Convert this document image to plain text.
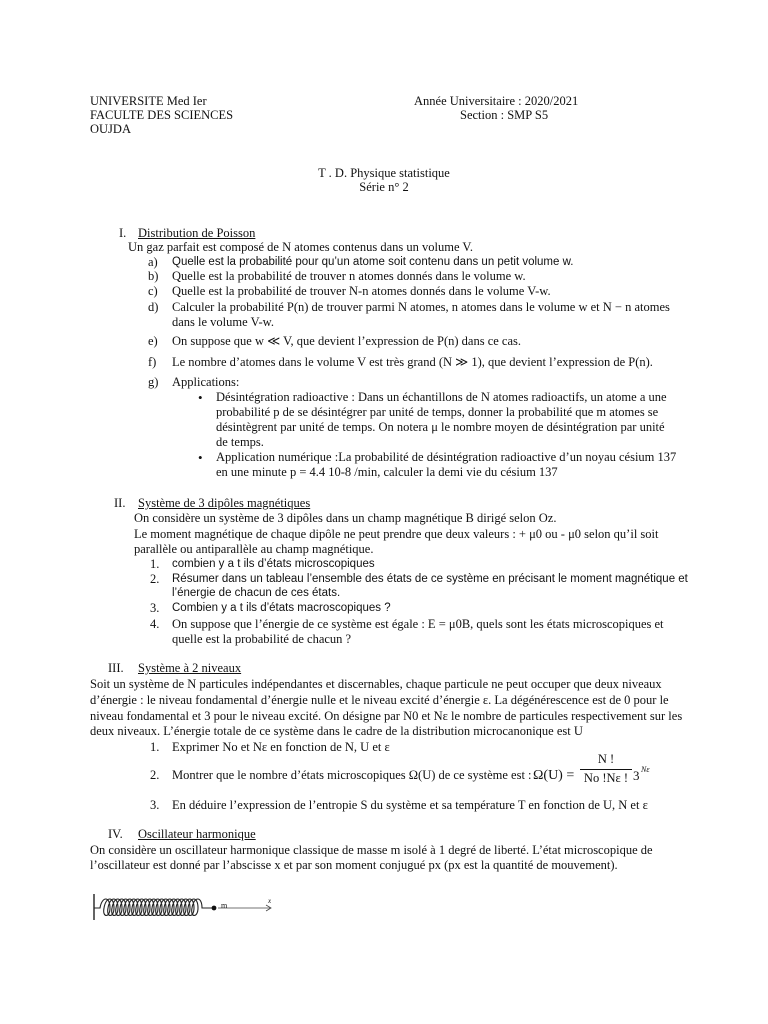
UNIVERSITE Med Ier
FACULTE DES SCIENCES
OUJDA
Année Universitaire : 2020/2021
Section : SMP S5
T . D. Physique statistique
Série n° 2
I. Distribution de Poisson
Un gaz parfait est composé de N atomes contenus dans un volume V.
a) Quelle est la probabilité pour qu’un atome soit contenu dans un petit volume w.
b) Quelle est la probabilité de trouver n atomes donnés dans le volume w.
c) Quelle est la probabilité de trouver N-n atomes donnés dans le volume V-w.
d) Calculer la probabilité P(n) de trouver parmi N atomes, n atomes dans le volume w et N − n atomes
dans le volume V-w.
e) On suppose que w ≪ V, que devient l’expression de P(n) dans ce cas.
f) Le nombre d’atomes dans le volume V est très grand (N ≫ 1), que devient l’expression de P(n).
g) Applications:
• Désintégration radioactive : Dans un échantillons de N atomes radioactifs, un atome a une
probabilité p de se désintégrer par unité de temps, donner la probabilité que m atomes se
désintègrent par unité de temps. On notera μ le nombre moyen de désintégration par unité
de temps.
• Application numérique :La probabilité de désintégration radioactive d’un noyau césium 137
en une minute p = 4.4 10-8 /min, calculer la demi vie du césium 137
II. Système de 3 dipôles magnétiques
On considère un système de 3 dipôles dans un champ magnétique B dirigé selon Oz.
Le moment magnétique de chaque dipôle ne peut prendre que deux valeurs : + μ0 ou - μ0 selon qu’il soit
parallèle ou antiparallèle au champ magnétique.
1. combien y a t ils d’états microscopiques
2. Résumer dans un tableau l’ensemble des états de ce système en précisant le moment magnétique et
l’énergie de chacun de ces états.
3. Combien y a t ils d’états macroscopiques ?
4. On suppose que l’énergie de ce système est égale : E = μ0B, quels sont les états microscopiques et
quelle est la probabilité de chacun ?
III. Système à 2 niveaux
Soit un système de N particules indépendantes et discernables, chaque particule ne peut occuper que deux niveaux
d’énergie : le niveau fondamental d’énergie nulle et le niveau excité d’énergie ε. La dégénérescence est de 0 pour le
niveau fondamental et 3 pour le niveau excité. On désigne par N0 et Nε le nombre de particules respectivement sur les
deux niveaux. L’énergie totale de ce système dans le cadre de la distribution microcanonique est U
1. Exprimer No et Nε en fonction de N, U et ε
2. Montrer que le nombre d’états microscopiques Ω(U) de ce système est : Ω(U) =
N !
No !Nε ! 3 Nε
3. En déduire l’expression de l’entropie S du système et sa température T en fonction de U, N et ε
IV. Oscillateur harmonique
On considère un oscillateur harmonique classique de masse m isolé à 1 degré de liberté. L’état microscopique de
l’oscillateur est donné par l’abscisse x et par son moment conjugué px (px est la quantité de mouvement).
m	x
